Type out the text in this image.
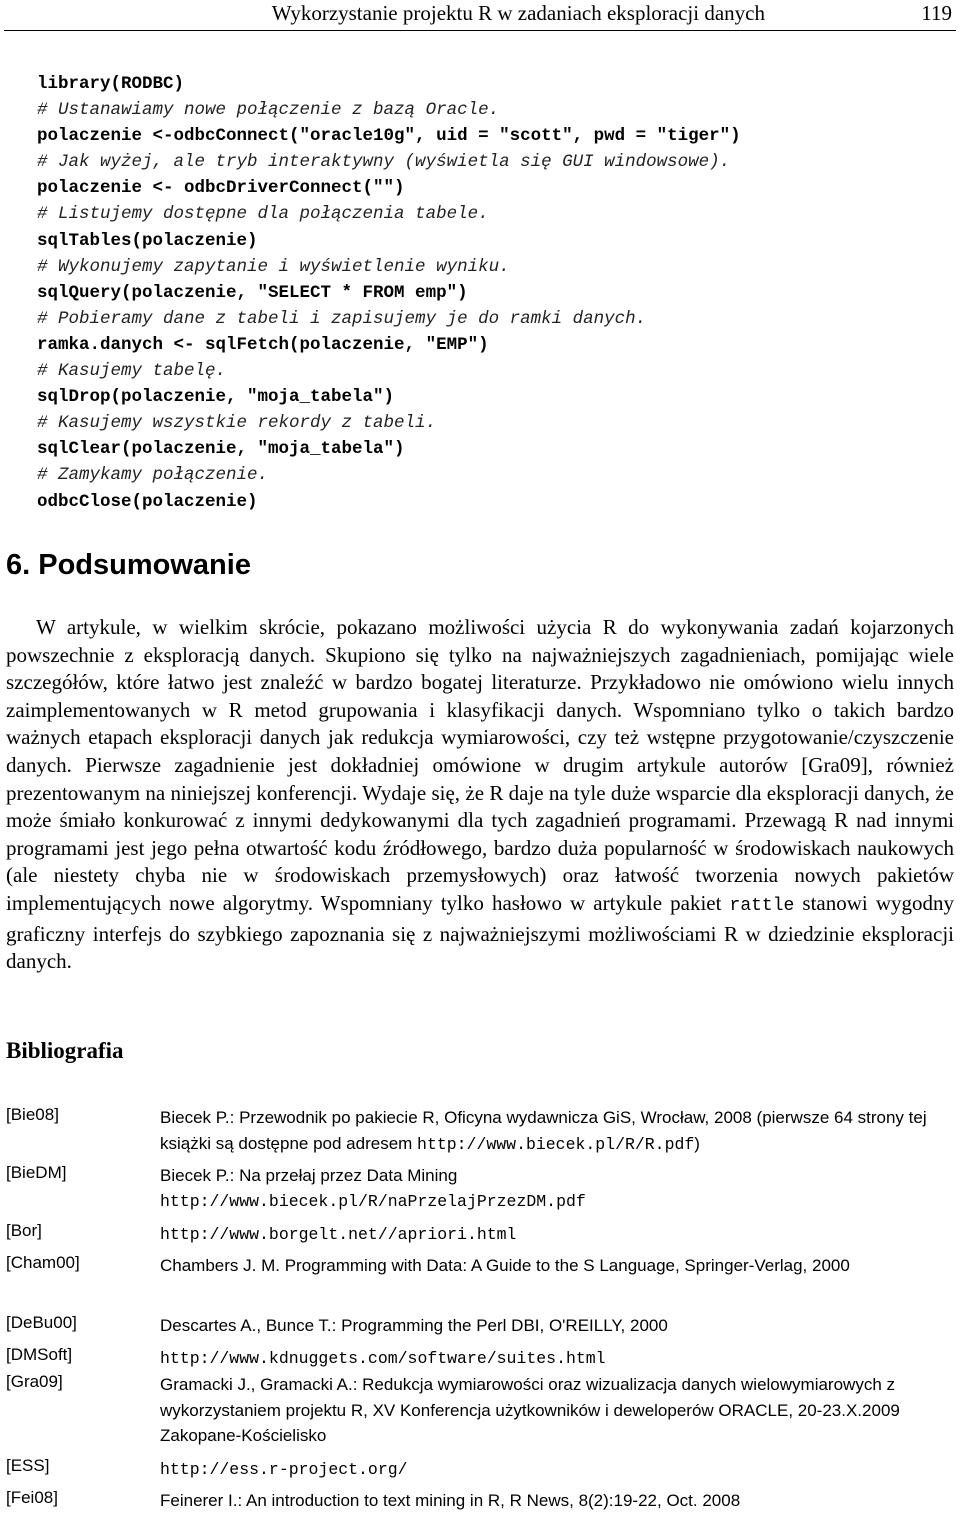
Wykorzystanie projektu R w zadaniach eksploracji danych	119
library(RODBC)
# Ustanawiamy nowe połączenie z bazą Oracle.
polaczenie <-odbcConnect("oracle10g", uid = "scott", pwd = "tiger")
# Jak wyżej, ale tryb interaktywny (wyświetla się GUI windowsowe).
polaczenie <- odbcDriverConnect("")
# Listujemy dostępne dla połączenia tabele.
sqlTables(polaczenie)
# Wykonujemy zapytanie i wyświetlenie wyniku.
sqlQuery(polaczenie, "SELECT * FROM emp")
# Pobieramy dane z tabeli i zapisujemy je do ramki danych.
ramka.danych <- sqlFetch(polaczenie, "EMP")
# Kasujemy tabelę.
sqlDrop(polaczenie, "moja_tabela")
# Kasujemy wszystkie rekordy z tabeli.
sqlClear(polaczenie, "moja_tabela")
# Zamykamy połączenie.
odbcClose(polaczenie)
6. Podsumowanie

W artykule, w wielkim skrócie, pokazano możliwości użycia R do wykonywania zadań kojarzonych powszechnie z eksploracją danych. Skupiono się tylko na najważniejszych zagadnieniach, pomijając wiele szczegółów, które łatwo jest znaleźć w bardzo bogatej literaturze. Przykładowo nie omówiono wielu innych zaimplementowanych w R metod grupowania i klasyfikacji danych. Wspomniano tylko o takich bardzo ważnych etapach eksploracji danych jak redukcja wymiarowości, czy też wstępne przygotowanie/czyszczenie danych. Pierwsze zagadnienie jest dokładniej omówione w drugim artykule autorów [Gra09], również prezentowanym na niniejszej konferencji. Wydaje się, że R daje na tyle duże wsparcie dla eksploracji danych, że może śmiało konkurować z innymi dedykowanymi dla tych zagadnień programami. Przewagą R nad innymi programami jest jego pełna otwartość kodu źródłowego, bardzo duża popularność w środowiskach naukowych (ale niestety chyba nie w środowiskach przemysłowych) oraz łatwość tworzenia nowych pakietów implementujących nowe algorytmy. Wspomniany tylko hasłowo w artykule pakiet rattle stanowi wygodny graficzny interfejs do szybkiego zapoznania się z najważniejszymi możliwościami R w dziedzinie eksploracji danych.

Bibliografia
[Bie08]	Biecek P.: Przewodnik po pakiecie R, Oficyna wydawnicza GiS, Wrocław, 2008 (pierwsze 64 strony tej książki są dostępne pod adresem http://www.biecek.pl/R/R.pdf)
[BieDM]	Biecek P.: Na przełaj przez Data Mining
http://www.biecek.pl/R/naPrzelajPrzezDM.pdf
[Bor]	http://www.borgelt.net//apriori.html
[Cham00]	Chambers J. M. Programming with Data: A Guide to the S Language, Springer-Verlag, 2000
[DeBu00]	Descartes A., Bunce T.: Programming the Perl DBI, O'REILLY, 2000
[DMSoft]	http://www.kdnuggets.com/software/suites.html
[Gra09]	Gramacki J., Gramacki A.: Redukcja wymiarowości oraz wizualizacja danych wielowymiarowych z wykorzystaniem projektu R, XV Konferencja użytkowników i deweloperów ORACLE, 20-23.X.2009 Zakopane-Kościelisko
[ESS]	http://ess.r-project.org/
[Fei08]	Feinerer I.: An introduction to text mining in R, R News, 8(2):19-22, Oct. 2008
